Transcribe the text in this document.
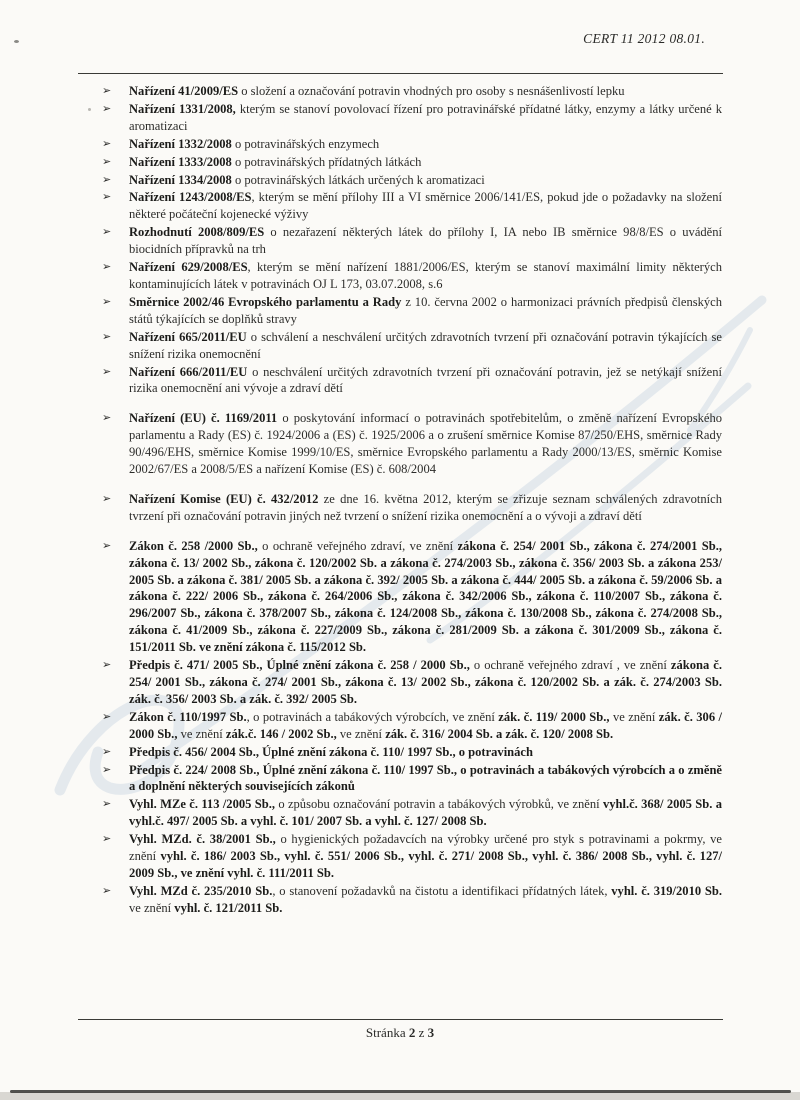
CERT 11 2012 08.01.
➢ Nařízení 41/2009/ES o složení a označování potravin vhodných pro osoby s nesnášenlivostí lepku
➢ Nařízení 1331/2008, kterým se stanoví povolovací řízení pro potravinářské přídatné látky, enzymy a látky určené k aromatizaci
➢ Nařízení 1332/2008 o potravinářských enzymech
➢ Nařízení 1333/2008 o potravinářských přídatných látkách
➢ Nařízení 1334/2008 o potravinářských látkách určených k aromatizaci
➢ Nařízení 1243/2008/ES, kterým se mění přílohy III a VI směrnice 2006/141/ES, pokud jde o požadavky na složení některé počáteční kojenecké výživy
➢ Rozhodnutí 2008/809/ES o nezařazení některých látek do přílohy I, IA nebo IB směrnice 98/8/ES o uvádění biocidních přípravků na trh
➢ Nařízení 629/2008/ES, kterým se mění nařízení 1881/2006/ES, kterým se stanoví maximální limity některých kontaminujících látek v potravinách OJ L 173, 03.07.2008, s.6
➢ Směrnice 2002/46 Evropského parlamentu a Rady z 10. června 2002 o harmonizaci právních předpisů členských států týkajících se doplňků stravy
➢ Nařízení 665/2011/EU o schválení a neschválení určitých zdravotních tvrzení při označování potravin týkajících se snížení rizika onemocnění
➢ Nařízení 666/2011/EU o neschválení určitých zdravotních tvrzení při označování potravin, jež se netýkají snížení rizika onemocnění ani vývoje a zdraví dětí
➢ Nařízení (EU) č. 1169/2011 o poskytování informací o potravinách spotřebitelům, o změně nařízení Evropského parlamentu a Rady (ES) č. 1924/2006 a (ES) č. 1925/2006 a o zrušení směrnice Komise 87/250/EHS, směrnice Rady 90/496/EHS, směrnice Komise 1999/10/ES, směrnice Evropského parlamentu a Rady 2000/13/ES, směrnic Komise 2002/67/ES a 2008/5/ES a nařízení Komise (ES) č. 608/2004
➢ Nařízení Komise (EU) č. 432/2012 ze dne 16. května 2012, kterým se zřizuje seznam schválených zdravotních tvrzení při označování potravin jiných než tvrzení o snížení rizika onemocnění a o vývoji a zdraví dětí
➢ Zákon č. 258 /2000 Sb., o ochraně veřejného zdraví, ve znění zákona č. 254/ 2001 Sb., zákona č. 274/2001 Sb., zákona č. 13/ 2002 Sb., zákona č. 120/2002 Sb. a zákona č. 274/2003 Sb., zákona č. 356/ 2003 Sb. a zákona 253/ 2005 Sb. a zákona č. 381/ 2005 Sb. a zákona č. 392/ 2005 Sb. a zákona č. 444/ 2005 Sb. a zákona č. 59/2006 Sb. a zákona č. 222/ 2006 Sb., zákona č. 264/2006 Sb., zákona č. 342/2006 Sb., zákona č. 110/2007 Sb., zákona č. 296/2007 Sb., zákona č. 378/2007 Sb., zákona č. 124/2008 Sb., zákona č. 130/2008 Sb., zákona č. 274/2008 Sb., zákona č. 41/2009 Sb., zákona č. 227/2009 Sb., zákona č. 281/2009 Sb. a zákona č. 301/2009 Sb., zákona č. 151/2011 Sb. ve znění zákona č. 115/2012 Sb.
➢ Předpis č. 471/ 2005 Sb., Úplné znění zákona č. 258 / 2000 Sb., o ochraně veřejného zdraví , ve znění zákona č. 254/ 2001 Sb., zákona č. 274/ 2001 Sb., zákona č. 13/ 2002 Sb., zákona č. 120/2002 Sb. a zák. č. 274/2003 Sb. zák. č. 356/ 2003 Sb. a zák. č. 392/ 2005 Sb.
➢ Zákon č. 110/1997 Sb., o potravinách a tabákových výrobcích, ve znění zák. č. 119/ 2000 Sb., ve znění zák. č. 306 / 2000 Sb., ve znění zák.č. 146 / 2002 Sb., ve znění zák. č. 316/ 2004 Sb. a zák. č. 120/ 2008 Sb.
➢ Předpis č. 456/ 2004 Sb., Úplné znění zákona č. 110/ 1997 Sb., o potravinách
➢ Předpis č. 224/ 2008 Sb., Úplné znění zákona č. 110/ 1997 Sb., o potravinách a tabákových výrobcích a o změně a doplnění některých souvisejících zákonů
➢ Vyhl. MZe č. 113 /2005 Sb., o způsobu označování potravin a tabákových výrobků, ve znění vyhl.č. 368/ 2005 Sb. a vyhl.č. 497/ 2005 Sb. a vyhl. č. 101/ 2007 Sb. a vyhl. č. 127/ 2008 Sb.
➢ Vyhl. MZd. č. 38/2001 Sb., o hygienických požadavcích na výrobky určené pro styk s potravinami a pokrmy, ve znění vyhl. č. 186/ 2003 Sb., vyhl. č. 551/ 2006 Sb., vyhl. č. 271/ 2008 Sb., vyhl. č. 386/ 2008 Sb., vyhl. č. 127/ 2009 Sb., ve znění vyhl. č. 111/2011 Sb.
➢ Vyhl. MZd č. 235/2010 Sb., o stanovení požadavků na čistotu a identifikaci přídatných látek, vyhl. č. 319/2010 Sb. ve znění vyhl. č. 121/2011 Sb.
Stránka 2 z 3
